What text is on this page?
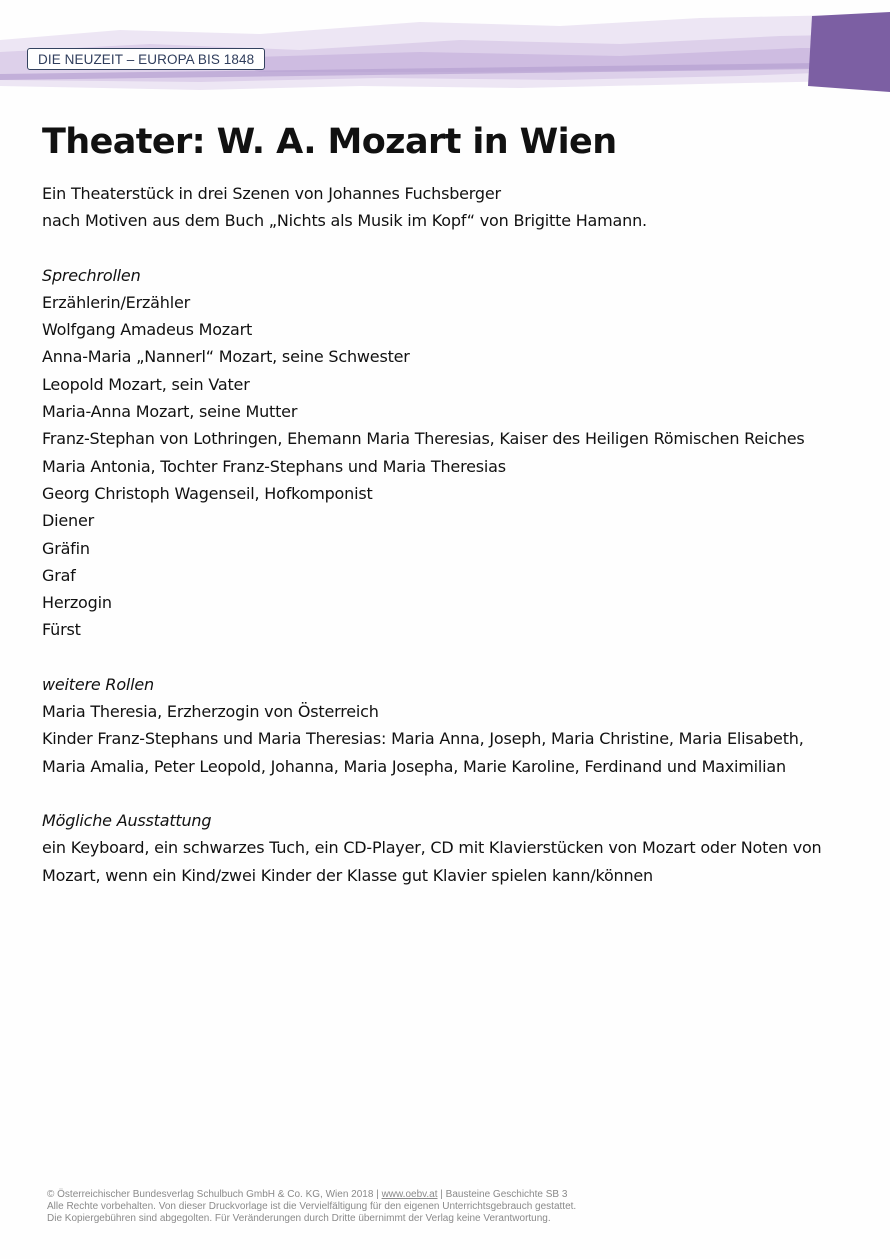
DIE NEUZEIT – EUROPA BIS 1848
Theater: W. A. Mozart in Wien
Ein Theaterstück in drei Szenen von Johannes Fuchsberger
nach Motiven aus dem Buch „Nichts als Musik im Kopf“ von Brigitte Hamann.
Sprechrollen
Erzählerin/Erzähler
Wolfgang Amadeus Mozart
Anna-Maria „Nannerl“ Mozart, seine Schwester
Leopold Mozart, sein Vater
Maria-Anna Mozart, seine Mutter
Franz-Stephan von Lothringen, Ehemann Maria Theresias, Kaiser des Heiligen Römischen Reiches
Maria Antonia, Tochter Franz-Stephans und Maria Theresias
Georg Christoph Wagenseil, Hofkomponist
Diener
Gräfin
Graf
Herzogin
Fürst
weitere Rollen
Maria Theresia, Erzherzogin von Österreich
Kinder Franz-Stephans und Maria Theresias: Maria Anna, Joseph, Maria Christine, Maria Elisabeth,
Maria Amalia, Peter Leopold, Johanna, Maria Josepha, Marie Karoline, Ferdinand und Maximilian
Mögliche Ausstattung
ein Keyboard, ein schwarzes Tuch, ein CD-Player, CD mit Klavierstücken von Mozart oder Noten von
Mozart, wenn ein Kind/zwei Kinder der Klasse gut Klavier spielen kann/können
© Österreichischer Bundesverlag Schulbuch GmbH & Co. KG, Wien 2018 | www.oebv.at | Bausteine Geschichte SB 3
Alle Rechte vorbehalten. Von dieser Druckvorlage ist die Vervielfältigung für den eigenen Unterrichtsgebrauch gestattet.
Die Kopiergebühren sind abgegolten. Für Veränderungen durch Dritte übernimmt der Verlag keine Verantwortung.
